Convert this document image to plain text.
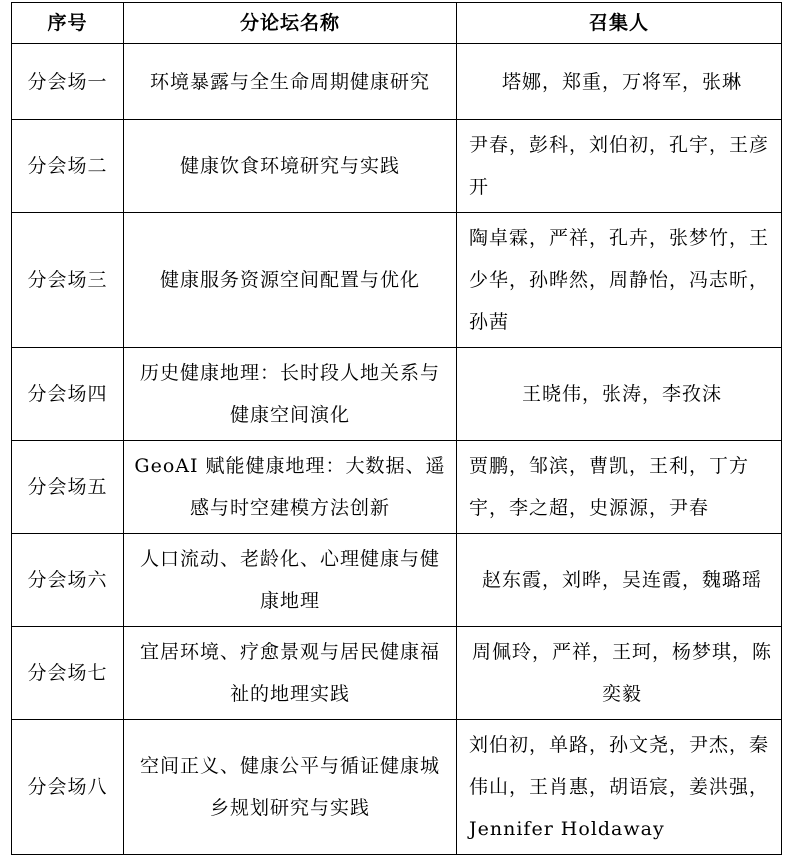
序号	分论坛名称	召集人
分会场一	环境暴露与全生命周期健康研究	塔娜，郑重，万将军，张琳
分会场二	健康饮食环境研究与实践	尹春，彭科，刘伯初，孔宇，王彦开
分会场三	健康服务资源空间配置与优化	陶卓霖，严祥，孔卉，张梦竹，王少华，孙晔然，周静怡，冯志昕，孙茜
分会场四	历史健康地理：长时段人地关系与健康空间演化	王晓伟，张涛，李孜沫
分会场五	GeoAI 赋能健康地理：大数据、遥感与时空建模方法创新	贾鹏，邹滨，曹凯，王利，丁方宇，李之超，史源源，尹春
分会场六	人口流动、老龄化、心理健康与健康地理	赵东霞，刘晔，吴连霞，魏璐瑶
分会场七	宜居环境、疗愈景观与居民健康福祉的地理实践	周佩玲，严祥，王珂，杨梦琪，陈奕毅
分会场八	空间正义、健康公平与循证健康城乡规划研究与实践	刘伯初，单路，孙文尧，尹杰，秦伟山，王肖惠，胡语宸，姜洪强，Jennifer Holdaway
